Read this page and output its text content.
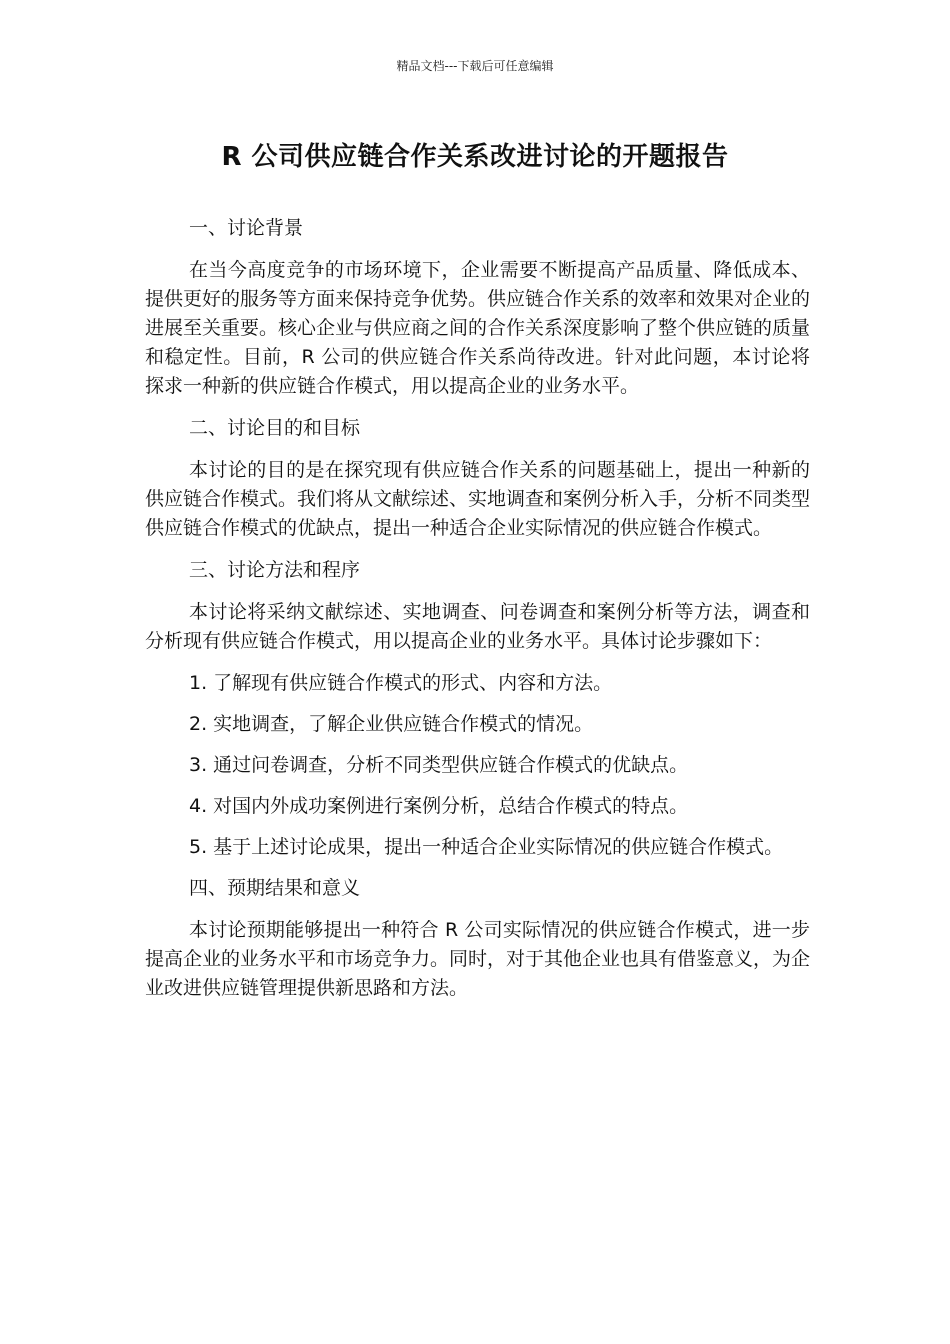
精品文档---下载后可任意编辑
R 公司供应链合作关系改进讨论的开题报告
一、讨论背景
在当今高度竞争的市场环境下，企业需要不断提高产品质量、降低成本、提供更好的服务等方面来保持竞争优势。供应链合作关系的效率和效果对企业的进展至关重要。核心企业与供应商之间的合作关系深度影响了整个供应链的质量和稳定性。目前，R 公司的供应链合作关系尚待改进。针对此问题，本讨论将探求一种新的供应链合作模式，用以提高企业的业务水平。
二、讨论目的和目标
本讨论的目的是在探究现有供应链合作关系的问题基础上，提出一种新的供应链合作模式。我们将从文献综述、实地调查和案例分析入手，分析不同类型供应链合作模式的优缺点，提出一种适合企业实际情况的供应链合作模式。
三、讨论方法和程序
本讨论将采纳文献综述、实地调查、问卷调查和案例分析等方法，调查和分析现有供应链合作模式，用以提高企业的业务水平。具体讨论步骤如下：
1. 了解现有供应链合作模式的形式、内容和方法。
2. 实地调查，了解企业供应链合作模式的情况。
3. 通过问卷调查，分析不同类型供应链合作模式的优缺点。
4. 对国内外成功案例进行案例分析，总结合作模式的特点。
5. 基于上述讨论成果，提出一种适合企业实际情况的供应链合作模式。
四、预期结果和意义
本讨论预期能够提出一种符合 R 公司实际情况的供应链合作模式，进一步提高企业的业务水平和市场竞争力。同时，对于其他企业也具有借鉴意义，为企业改进供应链管理提供新思路和方法。
